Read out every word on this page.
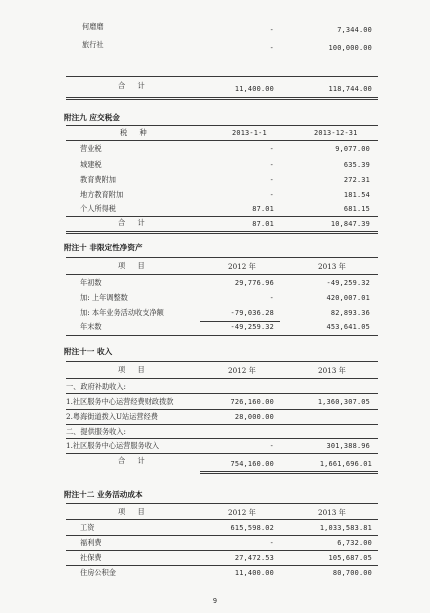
何磨磨	-	7,344.00
旅行社	-	100,000.00
合 计	11,400.00	118,744.00
附注九 应交税金
税 种	2013-1-1	2013-12-31
营业税	-	9,077.00
城建税	-	635.39
教育费附加	-	272.31
地方教育附加	-	181.54
个人所得税	87.01	681.15
合 计	87.01	10,847.39
附注十 非限定性净资产
项 目	2012 年	2013 年
年初数	29,776.96	-49,259.32
加: 上年调整数	-	420,007.01
加: 本年业务活动收支净额	-79,036.28	82,893.36
年末数	-49,259.32	453,641.05
附注十一 收入
项 目	2012 年	2013 年
一、政府补助收入:
1.社区服务中心运营经费财政拨款	726,160.00	1,360,307.05
2.粤海街道拨入U站运营经费	28,000.00
二、提供服务收入:
1.社区服务中心运营服务收入	-	301,388.96
合 计	754,160.00	1,661,696.01
附注十二 业务活动成本
项 目	2012 年	2013 年
工资	615,598.02	1,033,583.81
福利费	-	6,732.00
社保费	27,472.53	105,687.05
住房公积金	11,400.00	80,700.00
9
